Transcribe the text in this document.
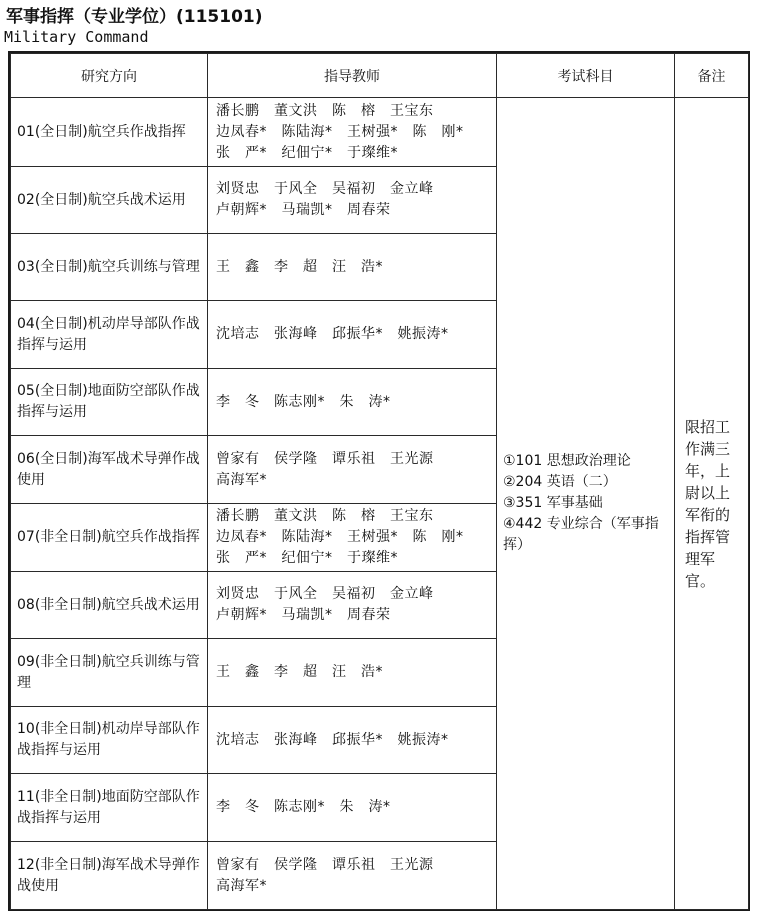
军事指挥（专业学位）(115101)
Military Command
研究方向	指导教师	考试科目	备注

01(全日制)航空兵作战指挥	潘长鹏　董文洪　陈　榕　王宝东
边凤春*　陈陆海*　王树强*　陈　刚*
张　严*　纪佃宁*　于璨维*	①101 思想政治理论
②204 英语（二）
③351 军事基础
④442 专业综合（军事指挥）	限招工作满三年，上尉以上军衔的指挥管理军官。

02(全日制)航空兵战术运用	刘贤忠　于风全　吴福初　金立峰
卢朝辉*　马瑞凯*　周春荣		

03(全日制)航空兵训练与管理	王　鑫　李　超　汪　浩*		

04(全日制)机动岸导部队作战指挥与运用	沈培志　张海峰　邱振华*　姚振涛*		

05(全日制)地面防空部队作战指挥与运用	李　冬　陈志刚*　朱　涛*		

06(全日制)海军战术导弹作战使用	曾家有　侯学隆　谭乐祖　王光源
高海军*		

07(非全日制)航空兵作战指挥	潘长鹏　董文洪　陈　榕　王宝东
边凤春*　陈陆海*　王树强*　陈　刚*
张　严*　纪佃宁*　于璨维*		

08(非全日制)航空兵战术运用	刘贤忠　于风全　吴福初　金立峰
卢朝辉*　马瑞凯*　周春荣		

09(非全日制)航空兵训练与管理	王　鑫　李　超　汪　浩*		

10(非全日制)机动岸导部队作战指挥与运用	沈培志　张海峰　邱振华*　姚振涛*		

11(非全日制)地面防空部队作战指挥与运用	李　冬　陈志刚*　朱　涛*		

12(非全日制)海军战术导弹作战使用	曾家有　侯学隆　谭乐祖　王光源
高海军*		
